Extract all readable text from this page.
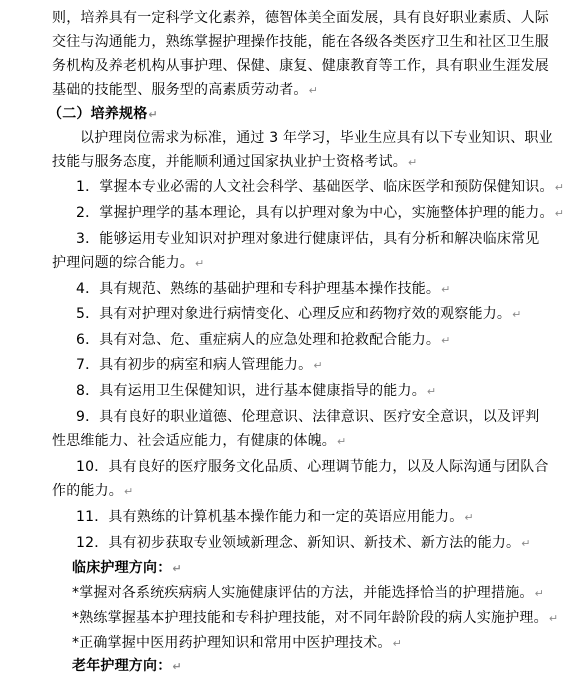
则，培养具有一定科学文化素养，德智体美全面发展，具有良好职业素质、人际
交往与沟通能力，熟练掌握护理操作技能，能在各级各类医疗卫生和社区卫生服
务机构及养老机构从事护理、保健、康复、健康教育等工作，具有职业生涯发展
基础的技能型、服务型的高素质劳动者。↵
（二）培养规格↵
以护理岗位需求为标准，通过 3 年学习，毕业生应具有以下专业知识、职业
技能与服务态度，并能顺利通过国家执业护士资格考试。↵
1．掌握本专业必需的人文社会科学、基础医学、临床医学和预防保健知识。↵
2．掌握护理学的基本理论，具有以护理对象为中心，实施整体护理的能力。↵
3．能够运用专业知识对护理对象进行健康评估，具有分析和解决临床常见
护理问题的综合能力。↵
4．具有规范、熟练的基础护理和专科护理基本操作技能。↵
5．具有对护理对象进行病情变化、心理反应和药物疗效的观察能力。↵
6．具有对急、危、重症病人的应急处理和抢救配合能力。↵
7．具有初步的病室和病人管理能力。↵
8．具有运用卫生保健知识，进行基本健康指导的能力。↵
9．具有良好的职业道德、伦理意识、法律意识、医疗安全意识，以及评判
性思维能力、社会适应能力，有健康的体魄。↵
10．具有良好的医疗服务文化品质、心理调节能力，以及人际沟通与团队合
作的能力。↵
11．具有熟练的计算机基本操作能力和一定的英语应用能力。↵
12．具有初步获取专业领域新理念、新知识、新技术、新方法的能力。↵
临床护理方向：↵
*掌握对各系统疾病病人实施健康评估的方法，并能选择恰当的护理措施。↵
*熟练掌握基本护理技能和专科护理技能，对不同年龄阶段的病人实施护理。↵
*正确掌握中医用药护理知识和常用中医护理技术。↵
老年护理方向：↵
